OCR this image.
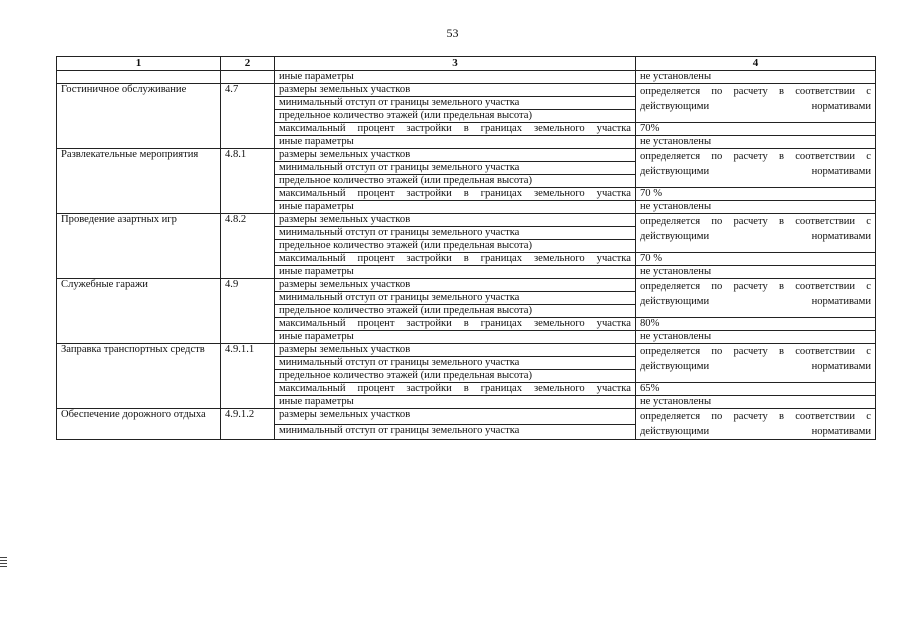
53
1	2	3	4
		иные параметры	не установлены
Гостиничное обслуживание	4.7	размеры земельных участков	определяется по расчету в соответствии с действующими нормативами
		минимальный отступ от границы земельного участка	
		предельное количество этажей (или предельная высота)	
		максимальный процент застройки в границах земельного участка	70%
		иные параметры	не установлены
Развлекательные мероприятия	4.8.1	размеры земельных участков	определяется по расчету в соответствии с действующими нормативами
		минимальный отступ от границы земельного участка	
		предельное количество этажей (или предельная высота)	
		максимальный процент застройки в границах земельного участка	70 %
		иные параметры	не установлены
Проведение азартных игр	4.8.2	размеры земельных участков	определяется по расчету в соответствии с действующими нормативами
		минимальный отступ от границы земельного участка	
		предельное количество этажей (или предельная высота)	
		максимальный процент застройки в границах земельного участка	70 %
		иные параметры	не установлены
Служебные гаражи	4.9	размеры земельных участков	определяется по расчету в соответствии с действующими нормативами
		минимальный отступ от границы земельного участка	
		предельное количество этажей (или предельная высота)	
		максимальный процент застройки в границах земельного участка	80%
		иные параметры	не установлены
Заправка транспортных средств	4.9.1.1	размеры земельных участков	определяется по расчету в соответствии с действующими нормативами
		минимальный отступ от границы земельного участка	
		предельное количество этажей (или предельная высота)	
		максимальный процент застройки в границах земельного участка	65%
		иные параметры	не установлены
Обеспечение дорожного отдыха	4.9.1.2	размеры земельных участков	определяется по расчету в соответствии с действующими нормативами
		минимальный отступ от границы земельного участка	
